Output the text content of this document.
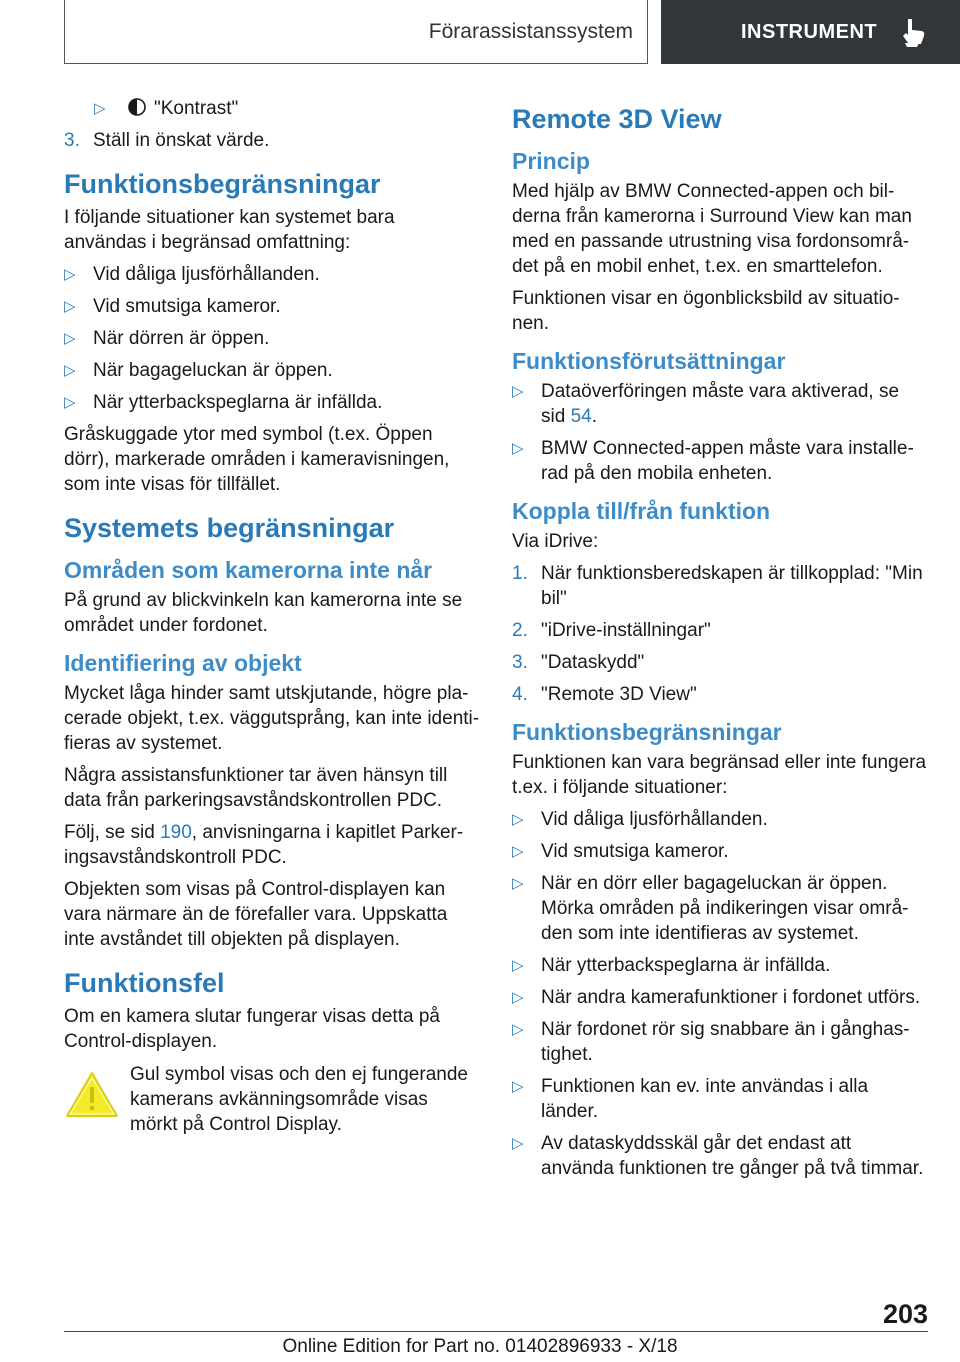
Förarassistanssystem	INSTRUMENT
▷	"Kontrast"
3. Ställ in önskat värde.
Funktionsbegränsningar

I följande situationer kan systemet bara användas i begränsad omfattning:

▷ Vid dåliga ljusförhållanden.
▷ Vid smutsiga kameror.
▷ När dörren är öppen.
▷ När bagageluckan är öppen.
▷ När ytterbackspeglarna är infällda.

Gråskuggade ytor med symbol (t.ex. Öppen dörr), markerade områden i kameravisningen, som inte visas för tillfället.

Systemets begränsningar
Områden som kamerorna inte når

På grund av blickvinkeln kan kamerorna inte se området under fordonet.

Identifiering av objekt

Mycket låga hinder samt utskjutande, högre pla-cerade objekt, t.ex. väggutsprång, kan inte identi-fieras av systemet.

Några assistansfunktioner tar även hänsyn till data från parkeringsavståndskontrollen PDC.

Följ, se sid 190, anvisningarna i kapitlet Parker-ingsavståndskontroll PDC.

Objekten som visas på Control-displayen kan vara närmare än de förefaller vara. Uppskatta inte avståndet till objekten på displayen.

Funktionsfel

Om en kamera slutar fungerar visas detta på Control-displayen.

Gul symbol visas och den ej fungerande kamerans avkänningsområde visas mörkt på Control Display.

Remote 3D View
Princip

Med hjälp av BMW Connected-appen och bil-derna från kamerorna i Surround View kan man med en passande utrustning visa fordonsområ-det på en mobil enhet, t.ex. en smarttelefon.

Funktionen visar en ögonblicksbild av situatio-nen.

Funktionsförutsättningar
▷ Dataöverföringen måste vara aktiverad, se sid 54.
▷ BMW Connected-appen måste vara installe-rad på den mobila enheten.
Koppla till/från funktion

Via iDrive:

1. När funktionsberedskapen är tillkopplad: "Min bil"
2. "iDrive-inställningar"
3. "Dataskydd"
4. "Remote 3D View"
Funktionsbegränsningar

Funktionen kan vara begränsad eller inte fungera t.ex. i följande situationer:

▷ Vid dåliga ljusförhållanden.
▷ Vid smutsiga kameror.
▷ När en dörr eller bagageluckan är öppen. Mörka områden på indikeringen visar områ-den som inte identifieras av systemet.
▷ När ytterbackspeglarna är infällda.
▷ När andra kamerafunktioner i fordonet utförs.
▷ När fordonet rör sig snabbare än i gånghas-tighet.
▷ Funktionen kan ev. inte användas i alla länder.
▷ Av dataskyddsskäl går det endast att använda funktionen tre gånger på två timmar.
203
Online Edition for Part no. 01402896933 - X/18
